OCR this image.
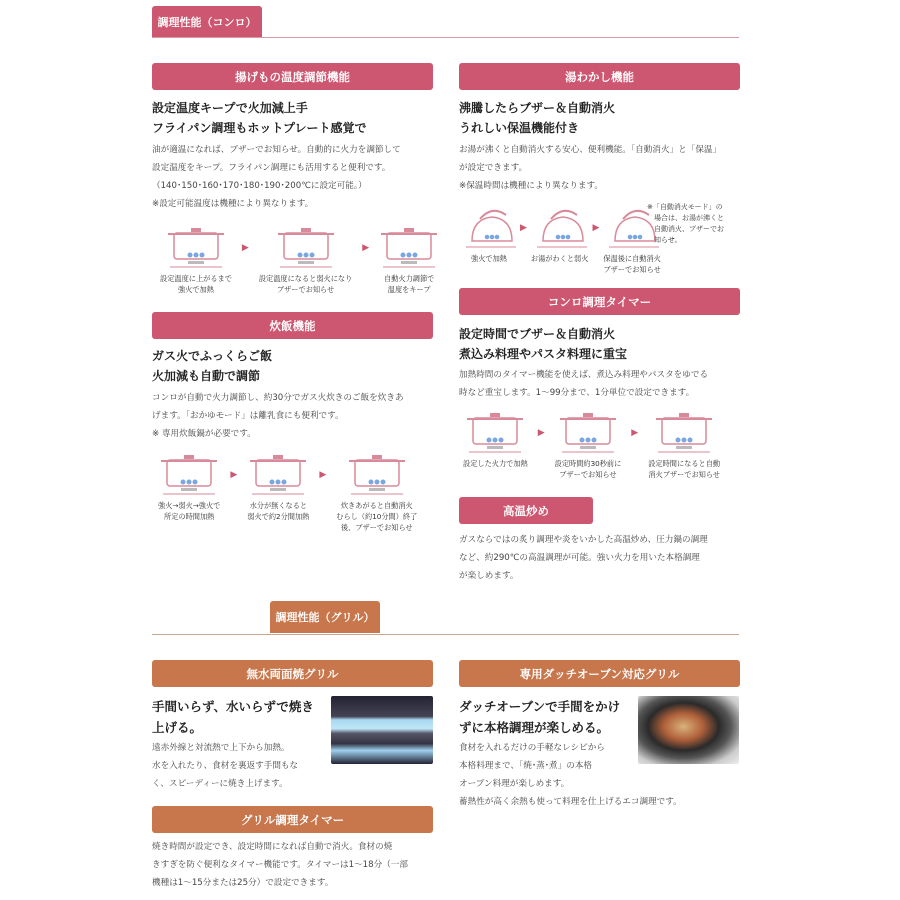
調理性能（コンロ）
揚げもの温度調節機能
設定温度キープで火加減上手
フライパン調理もホットプレート感覚で
油が適温になれば、ブザーでお知らせ。自動的に火力を調節して
設定温度をキープ。フライパン調理にも活用すると便利です。
（140･150･160･170･180･190･200℃に設定可能。）
※設定可能温度は機種により異なります。
設定温度に上がるまで
強火で加熱
▶
設定温度になると弱火になり
ブザーでお知らせ
▶
自動火力調節で
温度をキープ
湯わかし機能
沸騰したらブザー＆自動消火
うれしい保温機能付き
お湯が沸くと自動消火する安心、便利機能。「自動消火」と「保温」
が設定できます。
※保温時間は機種により異なります。
強火で加熱
▶
お湯がわくと弱火
▶
保温後に自動消火
ブザーでお知らせ
※「自動消火モード」の
　場合は、お湯が沸くと
　自動消火、ブザーでお
　知らせ。
炊飯機能
ガス火でふっくらご飯
火加減も自動で調節
コンロが自動で火力調節し、約30分でガス火炊きのご飯を炊きあ
げます。「おかゆモード」は離乳食にも便利です。
※ 専用炊飯鍋が必要です。
強火→弱火→強火で
所定の時間加熱
▶
水分が無くなると
弱火で約2分間加熱
▶
炊きあがると自動消火
むらし（約10分間）終了
後、ブザーでお知らせ
コンロ調理タイマー
設定時間でブザー＆自動消火
煮込み料理やパスタ料理に重宝
加熱時間のタイマー機能を使えば、煮込み料理やパスタをゆでる
時など重宝します。1～99分まで、1分単位で設定できます。
設定した火力で加熱
▶
設定時間約30秒前に
ブザーでお知らせ
▶
設定時間になると自動
消火ブザーでお知らせ
高温炒め
ガスならではの炙り調理や炎をいかした高温炒め、圧力鍋の調理
など、約290℃の高温調理が可能。強い火力を用いた本格調理
が楽しめます。
調理性能（グリル）
無水両面焼グリル
手間いらず、水いらずで焼き
上げる。
遠赤外線と対流熱で上下から加熱。
水を入れたり、食材を裏返す手間もな
く、スピーディーに焼き上げます。
グリル調理タイマー
焼き時間が設定でき、設定時間になれば自動で消火。食材の焼
きすぎを防ぐ便利なタイマー機能です。タイマーは1～18分（一部
機種は1～15分または25分）で設定できます。
専用ダッチオーブン対応グリル
ダッチオーブンで手間をかけ
ずに本格調理が楽しめる。
食材を入れるだけの手軽なレシピから
本格料理まで、「焼･蒸･煮」の本格
オーブン料理が楽しめます。
蓄熱性が高く余熱も使って料理を仕上げるエコ調理です。
